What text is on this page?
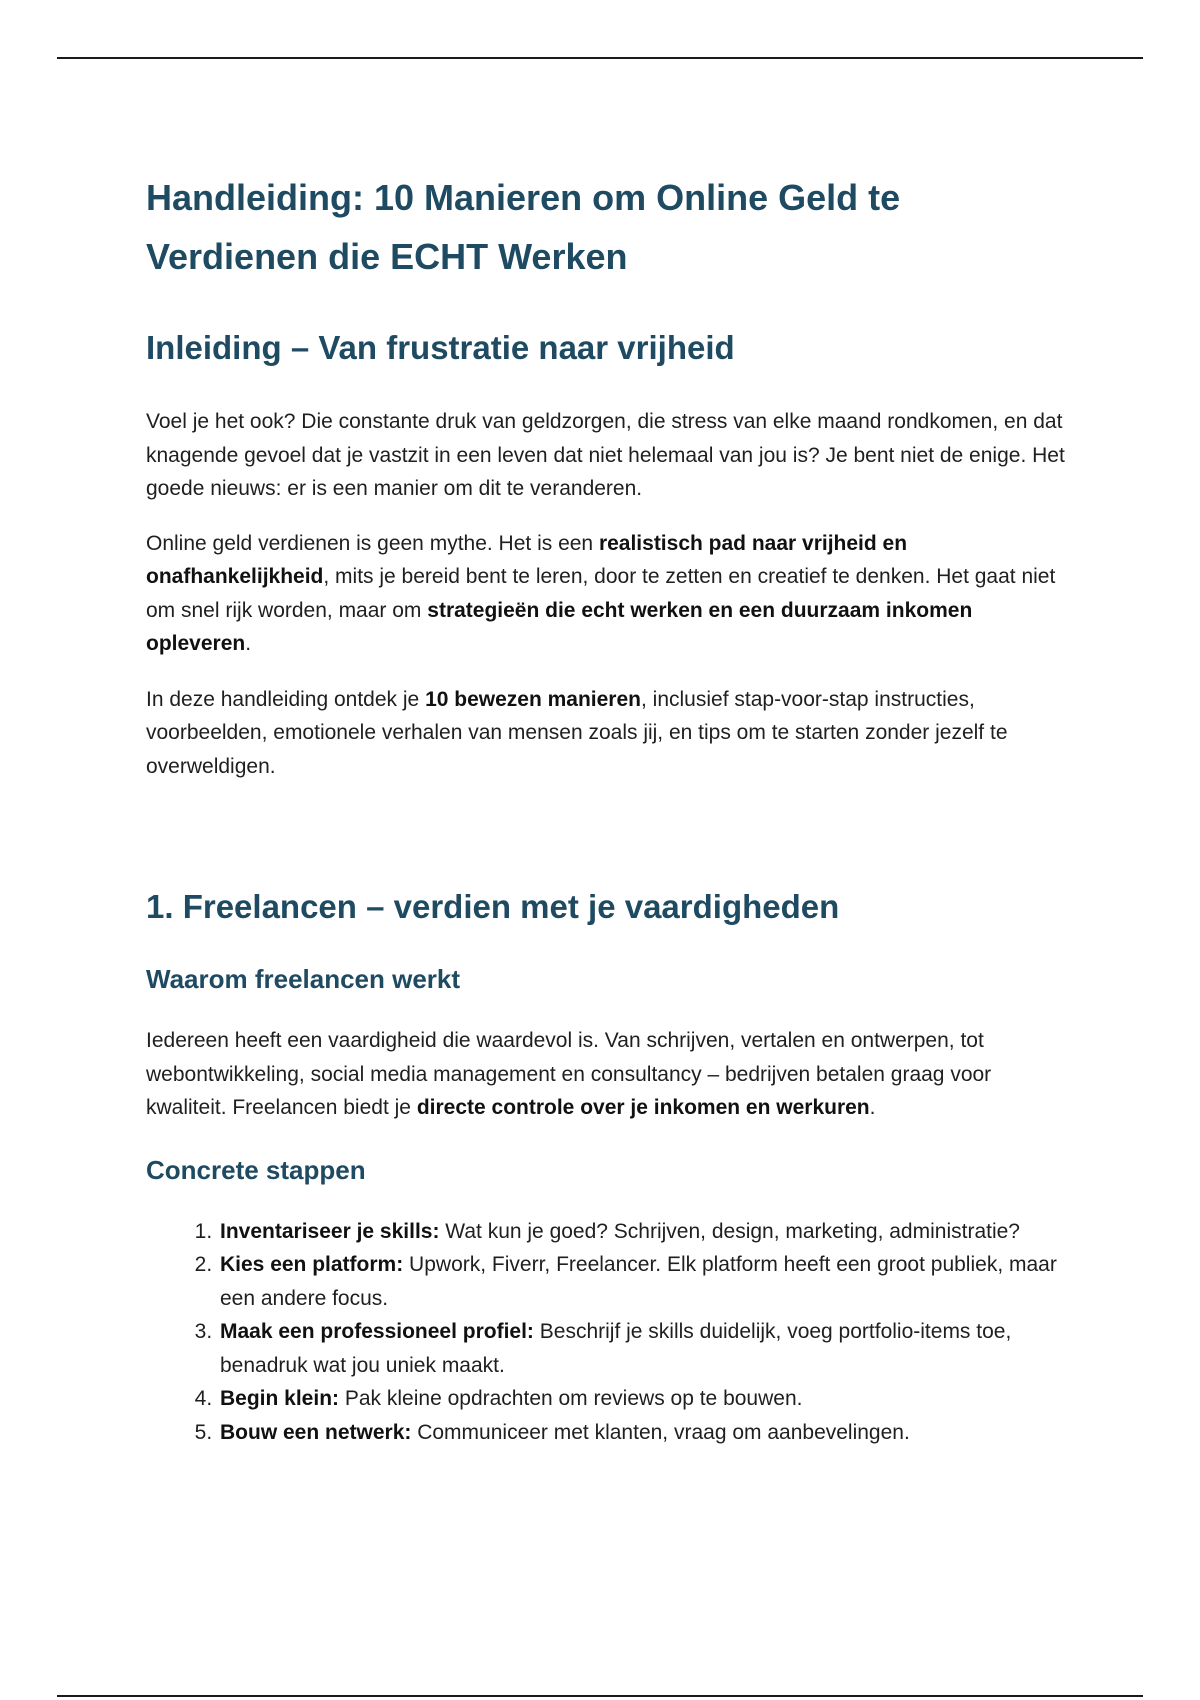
Handleiding: 10 Manieren om Online Geld te Verdienen die ECHT Werken
Inleiding – Van frustratie naar vrijheid

Voel je het ook? Die constante druk van geldzorgen, die stress van elke maand rondkomen, en dat knagende gevoel dat je vastzit in een leven dat niet helemaal van jou is? Je bent niet de enige. Het goede nieuws: er is een manier om dit te veranderen.

Online geld verdienen is geen mythe. Het is een realistisch pad naar vrijheid en onafhankelijkheid, mits je bereid bent te leren, door te zetten en creatief te denken. Het gaat niet om snel rijk worden, maar om strategieën die echt werken en een duurzaam inkomen opleveren.

In deze handleiding ontdek je 10 bewezen manieren, inclusief stap-voor-stap instructies, voorbeelden, emotionele verhalen van mensen zoals jij, en tips om te starten zonder jezelf te overweldigen.

1. Freelancen – verdien met je vaardigheden
Waarom freelancen werkt

Iedereen heeft een vaardigheid die waardevol is. Van schrijven, vertalen en ontwerpen, tot webontwikkeling, social media management en consultancy – bedrijven betalen graag voor kwaliteit. Freelancen biedt je directe controle over je inkomen en werkuren.

Concrete stappen
1. Inventariseer je skills: Wat kun je goed? Schrijven, design, marketing, administratie?
2. Kies een platform: Upwork, Fiverr, Freelancer. Elk platform heeft een groot publiek, maar een andere focus.
3. Maak een professioneel profiel: Beschrijf je skills duidelijk, voeg portfolio-items toe, benadruk wat jou uniek maakt.
4. Begin klein: Pak kleine opdrachten om reviews op te bouwen.
5. Bouw een netwerk: Communiceer met klanten, vraag om aanbevelingen.
